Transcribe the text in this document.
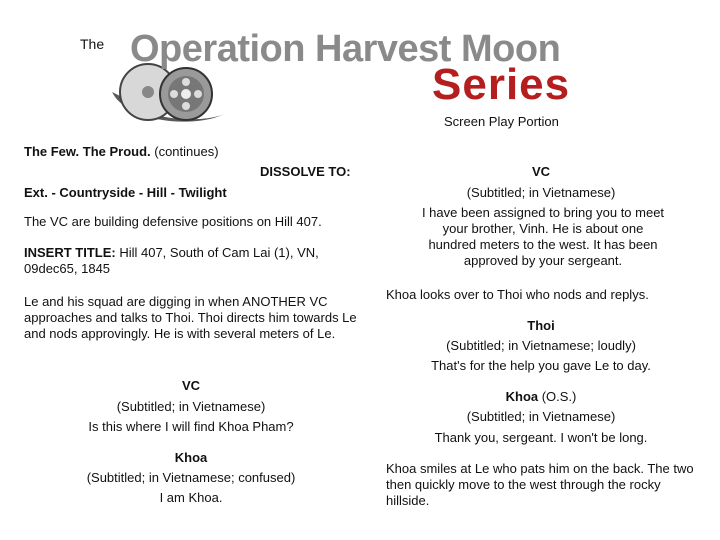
The Operation Harvest Moon
Series
Screen Play Portion
The Few. The Proud. (continues)
DISSOLVE TO:
Ext. - Countryside - Hill - Twilight
The VC are building defensive positions on Hill 407.
INSERT TITLE: Hill 407, South of Cam Lai (1), VN, 09dec65, 1845
Le and his squad are digging in when ANOTHER VC approaches and talks to Thoi. Thoi directs him towards Le and nods approvingly. He is with several meters of Le.
VC
(Subtitled; in Vietnamese)
Is this where I will find Khoa Pham?
Khoa
(Subtitled; in Vietnamese; confused)
I am Khoa.
VC
(Subtitled; in Vietnamese)
I have been assigned to bring you to meet your brother, Vinh. He is about one hundred meters to the west. It has been approved by your sergeant.
Khoa looks over to Thoi who nods and replys.
Thoi
(Subtitled; in Vietnamese; loudly)
That's for the help you gave Le to day.
Khoa (O.S.)
(Subtitled; in Vietnamese)
Thank you, sergeant. I won't be long.
Khoa smiles at Le who pats him on the back. The two then quickly move to the west through the rocky hillside.
